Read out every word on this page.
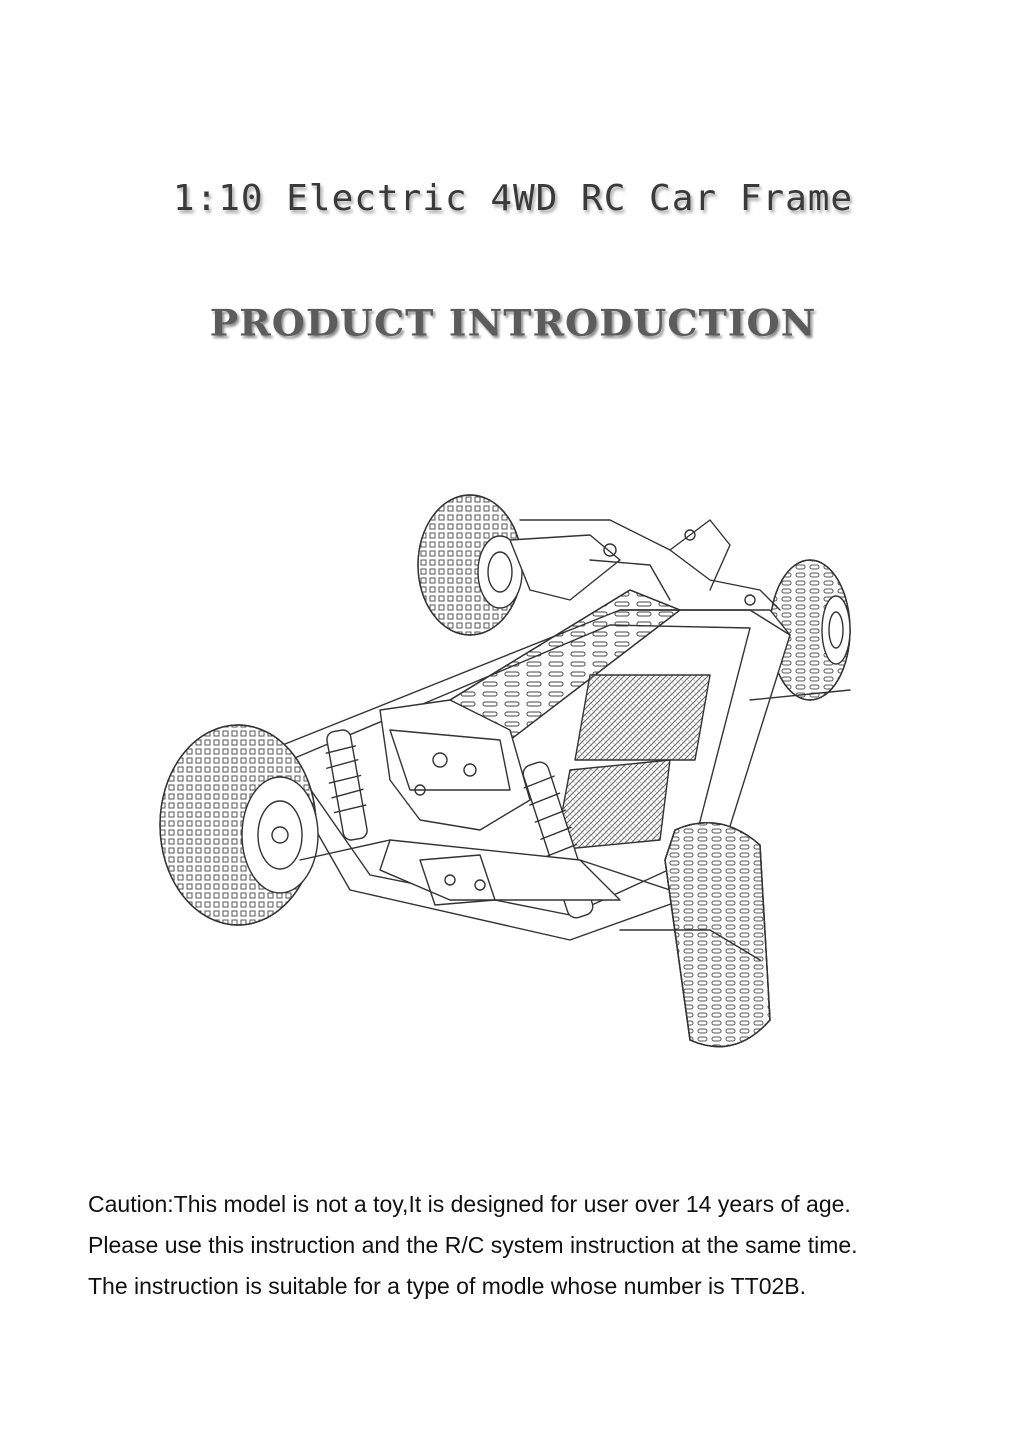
1:10 Electric 4WD RC Car Frame
PRODUCT INTRODUCTION
Caution:This model is not a toy,It is designed for user over 14 years of age.
Please use this instruction and the R/C system instruction at the same time.
The instruction is suitable for a type of modle whose number is TT02B.
